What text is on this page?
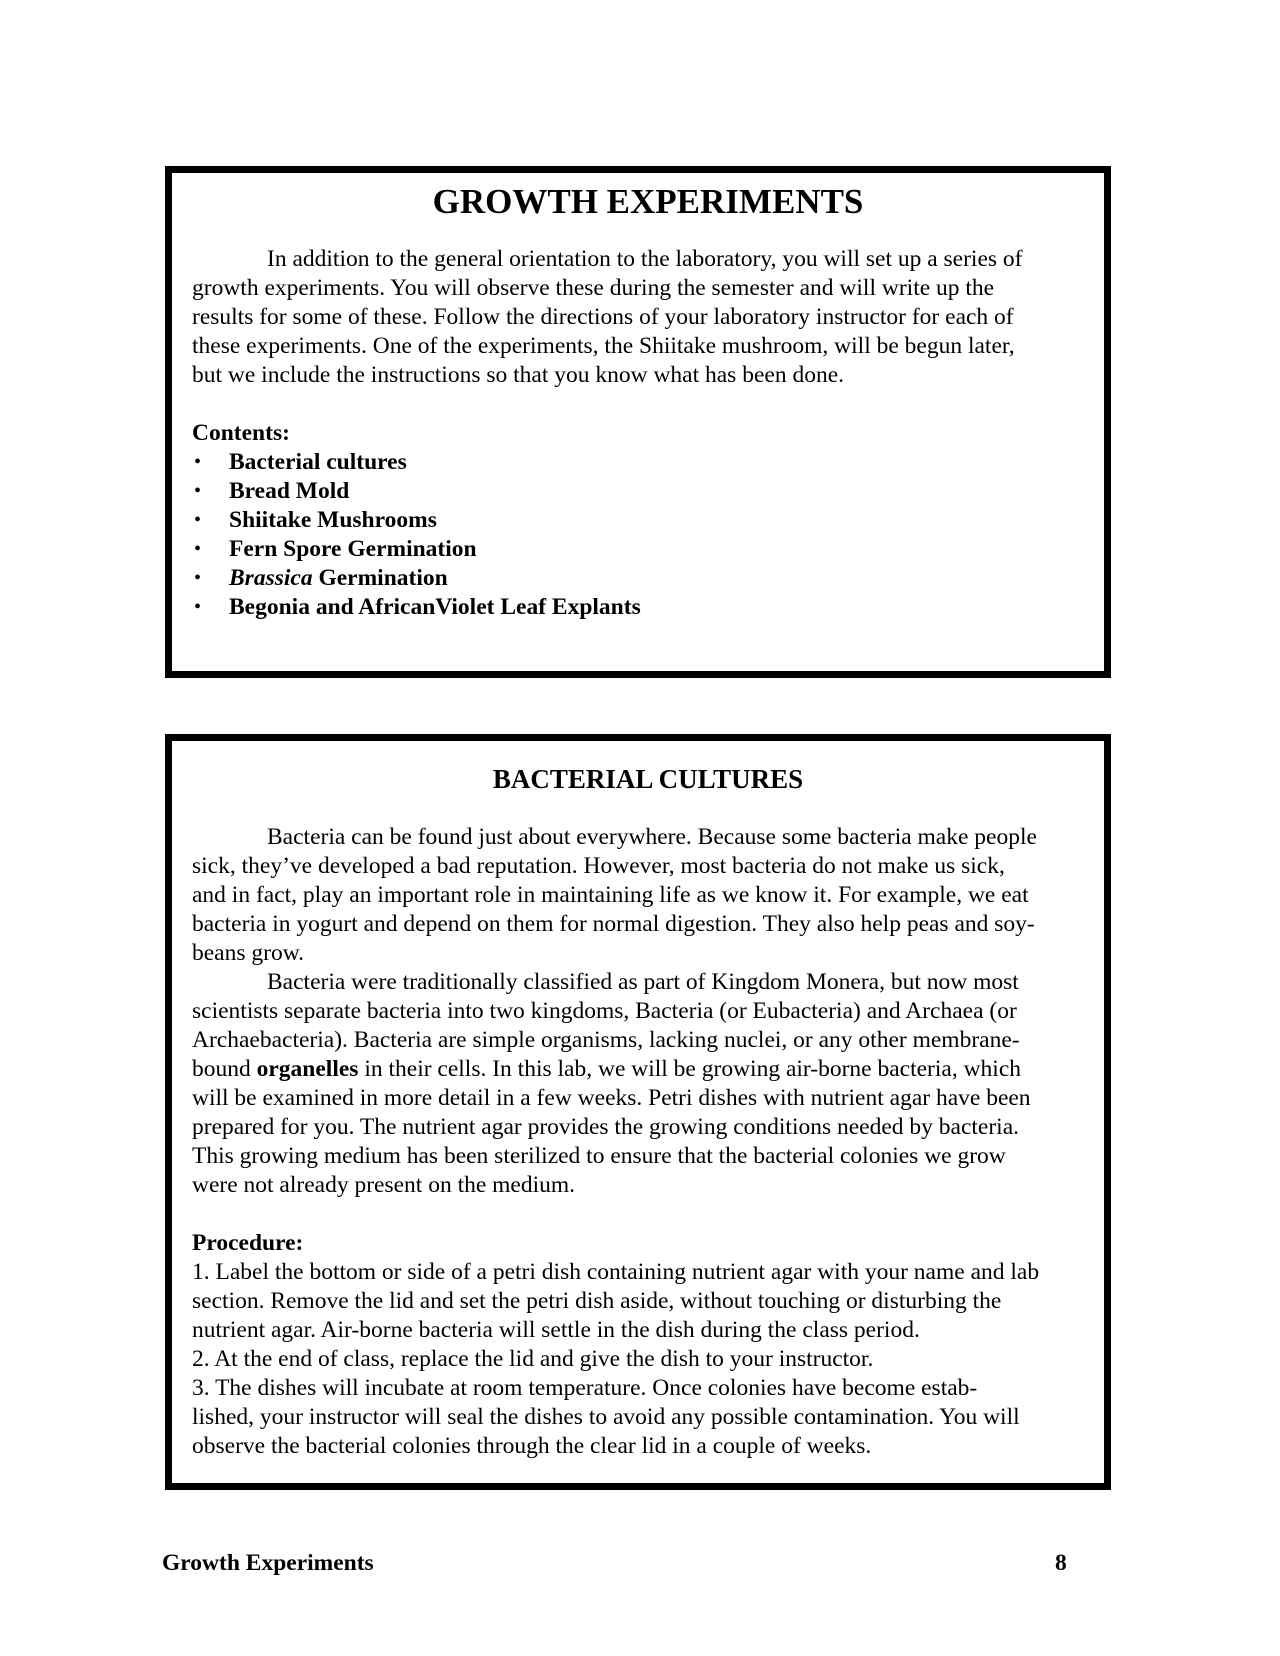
GROWTH EXPERIMENTS

In addition to the general orientation to the laboratory, you will set up a series of
growth experiments. You will observe these during the semester and will write up the
results for some of these. Follow the directions of your laboratory instructor for each of
these experiments. One of the experiments, the Shiitake mushroom, will be begun later,
but we include the instructions so that you know what has been done.

Contents:
• Bacterial cultures
• Bread Mold
• Shiitake Mushrooms
• Fern Spore Germination
• Brassica Germination
• Begonia and AfricanViolet Leaf Explants
BACTERIAL CULTURES

Bacteria can be found just about everywhere. Because some bacteria make people
sick, they’ve developed a bad reputation. However, most bacteria do not make us sick,
and in fact, play an important role in maintaining life as we know it. For example, we eat
bacteria in yogurt and depend on them for normal digestion. They also help peas and soy-
beans grow.

Bacteria were traditionally classified as part of Kingdom Monera, but now most
scientists separate bacteria into two kingdoms, Bacteria (or Eubacteria) and Archaea (or
Archaebacteria). Bacteria are simple organisms, lacking nuclei, or any other membrane-
bound organelles in their cells. In this lab, we will be growing air-borne bacteria, which
will be examined in more detail in a few weeks. Petri dishes with nutrient agar have been
prepared for you. The nutrient agar provides the growing conditions needed by bacteria.
This growing medium has been sterilized to ensure that the bacterial colonies we grow
were not already present on the medium.

Procedure:

1. Label the bottom or side of a petri dish containing nutrient agar with your name and lab
section. Remove the lid and set the petri dish aside, without touching or disturbing the
nutrient agar. Air-borne bacteria will settle in the dish during the class period.
2. At the end of class, replace the lid and give the dish to your instructor.
3. The dishes will incubate at room temperature. Once colonies have become estab-
lished, your instructor will seal the dishes to avoid any possible contamination. You will
observe the bacterial colonies through the clear lid in a couple of weeks.

Growth Experiments	8
